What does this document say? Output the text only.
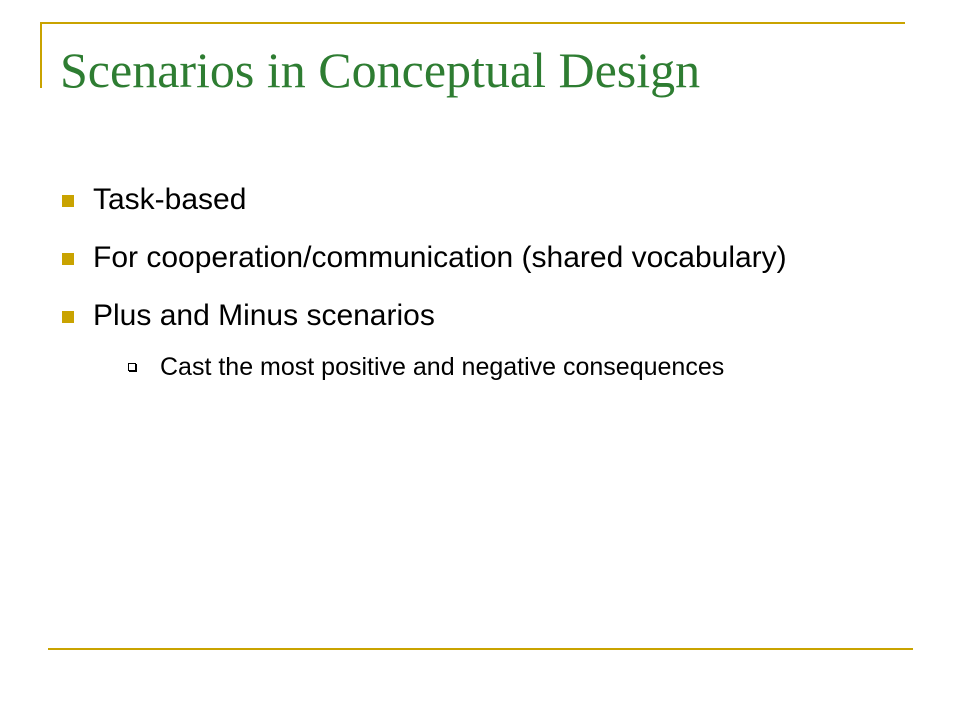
Scenarios in Conceptual Design
Task-based
For cooperation/communication (shared vocabulary)
Plus and Minus scenarios
Cast the most positive and negative consequences
